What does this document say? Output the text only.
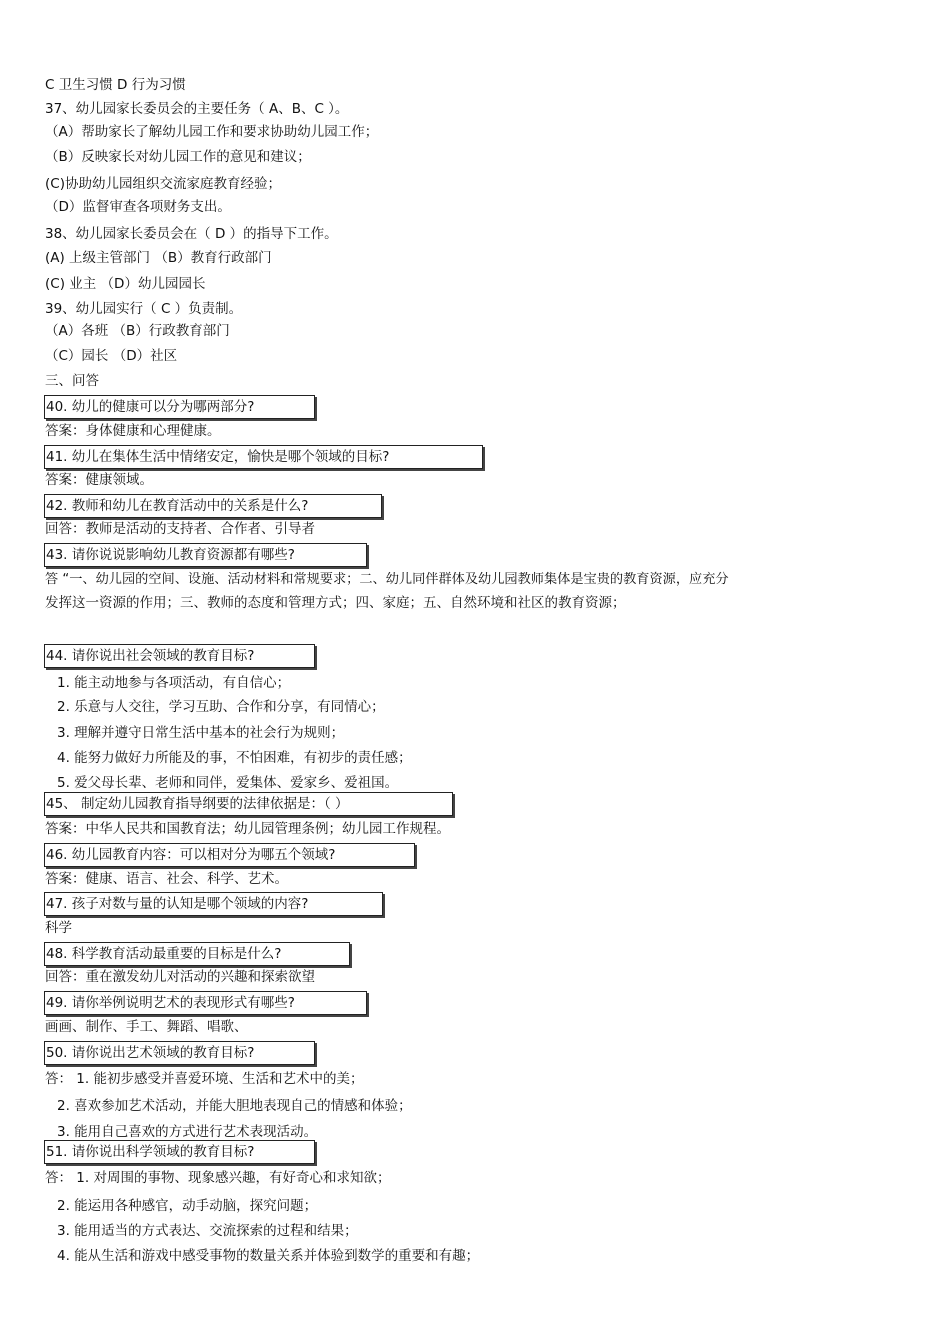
C 卫生习惯 D 行为习惯
37、幼儿园家长委员会的主要任务（ A、B、C ）。
（A）帮助家长了解幼儿园工作和要求协助幼儿园工作；
（B）反映家长对幼儿园工作的意见和建议；
(C)协助幼儿园组织交流家庭教育经验；
（D）监督审查各项财务支出。
38、幼儿园家长委员会在（ D ）的指导下工作。
(A) 上级主管部门 （B）教育行政部门
(C) 业主 （D）幼儿园园长
39、幼儿园实行（ C ）负责制。
（A）各班 （B）行政教育部门
（C）园长 （D）社区
三、问答
40. 幼儿的健康可以分为哪两部分?
答案：身体健康和心理健康。
41. 幼儿在集体生活中情绪安定，愉快是哪个领域的目标?
答案：健康领域。
42. 教师和幼儿在教育活动中的关系是什么?
回答：教师是活动的支持者、合作者、引导者
43. 请你说说影响幼儿教育资源都有哪些?
答 “一、幼儿园的空间、设施、活动材料和常规要求；二、幼儿同伴群体及幼儿园教师集体是宝贵的教育资源，应充分
发挥这一资源的作用；三、教师的态度和管理方式；四、家庭；五、自然环境和社区的教育资源；
44. 请你说出社会领域的教育目标?
1. 能主动地参与各项活动，有自信心；
2. 乐意与人交往，学习互助、合作和分享，有同情心；
3. 理解并遵守日常生活中基本的社会行为规则；
4. 能努力做好力所能及的事，不怕困难，有初步的责任感；
5. 爱父母长辈、老师和同伴，爱集体、爱家乡、爱祖国。
45、 制定幼儿园教育指导纲要的法律依据是：（ ）
答案：中华人民共和国教育法；幼儿园管理条例；幼儿园工作规程。
46. 幼儿园教育内容：可以相对分为哪五个领域?
答案：健康、语言、社会、科学、艺术。
47. 孩子对数与量的认知是哪个领域的内容?
科学
48. 科学教育活动最重要的目标是什么?
回答：重在激发幼儿对活动的兴趣和探索欲望
49. 请你举例说明艺术的表现形式有哪些?
画画、制作、手工、舞蹈、唱歌、
50. 请你说出艺术领域的教育目标?
答： 1. 能初步感受并喜爱环境、生活和艺术中的美；
2. 喜欢参加艺术活动，并能大胆地表现自己的情感和体验；
3. 能用自己喜欢的方式进行艺术表现活动。
51. 请你说出科学领域的教育目标?
答： 1. 对周围的事物、现象感兴趣，有好奇心和求知欲；
2. 能运用各种感官，动手动脑，探究问题；
3. 能用适当的方式表达、交流探索的过程和结果；
4. 能从生活和游戏中感受事物的数量关系并体验到数学的重要和有趣；
